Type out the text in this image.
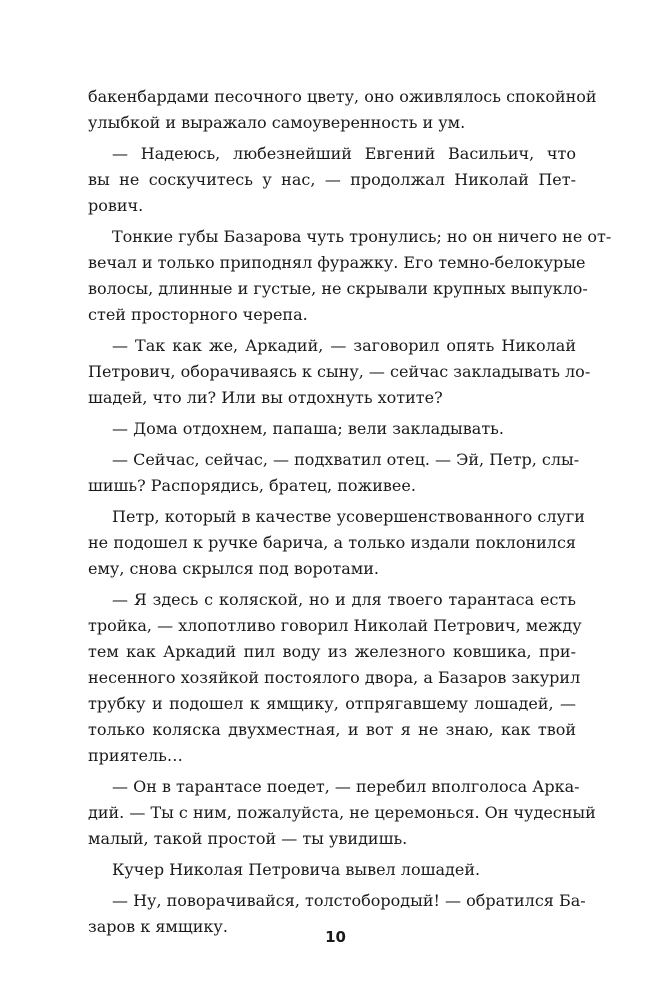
бакенбардами песочного цвету, оно оживлялось спокойной
улыбкой и выражало самоуверенность и ум.
— Надеюсь, любезнейший Евгений Васильич, что
вы не соскучитесь у нас, — продолжал Николай Пет-
рович.
Тонкие губы Базарова чуть тронулись; но он ничего не от-
вечал и только приподнял фуражку. Его темно-белокурые
волосы, длинные и густые, не скрывали крупных выпукло-
стей просторного черепа.
— Так как же, Аркадий, — заговорил опять Николай
Петрович, оборачиваясь к сыну, — сейчас закладывать ло-
шадей, что ли? Или вы отдохнуть хотите?
— Дома отдохнем, папаша; вели закладывать.
— Сейчас, сейчас, — подхватил отец. — Эй, Петр, слы-
шишь? Распорядись, братец, поживее.
Петр, который в качестве усовершенствованного слуги
не подошел к ручке барича, а только издали поклонился
ему, снова скрылся под воротами.
— Я здесь с коляской, но и для твоего тарантаса есть
тройка, — хлопотливо говорил Николай Петрович, между
тем как Аркадий пил воду из железного ковшика, при-
несенного хозяйкой постоялого двора, а Базаров закурил
трубку и подошел к ямщику, отпрягавшему лошадей, —
только коляска двухместная, и вот я не знаю, как твой
приятель…
— Он в тарантасе поедет, — перебил вполголоса Арка-
дий. — Ты с ним, пожалуйста, не церемонься. Он чудесный
малый, такой простой — ты увидишь.
Кучер Николая Петровича вывел лошадей.
— Ну, поворачивайся, толстобородый! — обратился Ба-
заров к ямщику.
10
